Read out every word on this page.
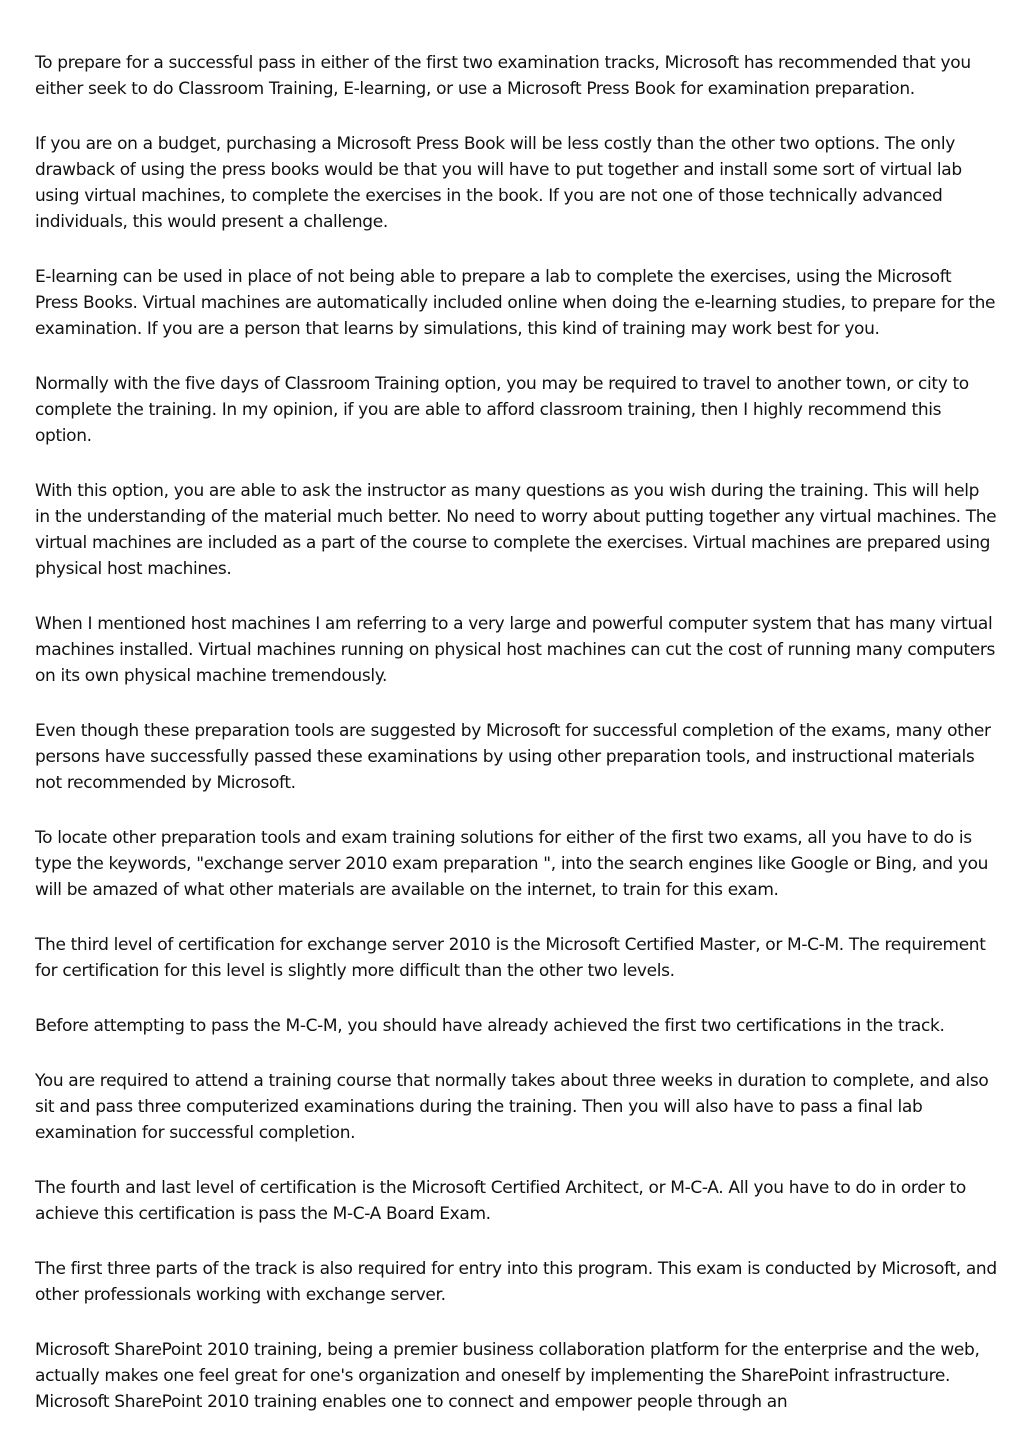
To prepare for a successful pass in either of the first two examination tracks, Microsoft has recommended that you either seek to do Classroom Training, E-learning, or use a Microsoft Press Book for examination preparation.

If you are on a budget, purchasing a Microsoft Press Book will be less costly than the other two options. The only drawback of using the press books would be that you will have to put together and install some sort of virtual lab using virtual machines, to complete the exercises in the book. If you are not one of those technically advanced individuals, this would present a challenge.

E-learning can be used in place of not being able to prepare a lab to complete the exercises, using the Microsoft Press Books. Virtual machines are automatically included online when doing the e-learning studies, to prepare for the examination. If you are a person that learns by simulations, this kind of training may work best for you.

Normally with the five days of Classroom Training option, you may be required to travel to another town, or city to complete the training. In my opinion, if you are able to afford classroom training, then I highly recommend this option.

With this option, you are able to ask the instructor as many questions as you wish during the training. This will help in the understanding of the material much better. No need to worry about putting together any virtual machines. The virtual machines are included as a part of the course to complete the exercises. Virtual machines are prepared using physical host machines.

When I mentioned host machines I am referring to a very large and powerful computer system that has many virtual machines installed. Virtual machines running on physical host machines can cut the cost of running many computers on its own physical machine tremendously.

Even though these preparation tools are suggested by Microsoft for successful completion of the exams, many other persons have successfully passed these examinations by using other preparation tools, and instructional materials not recommended by Microsoft.

To locate other preparation tools and exam training solutions for either of the first two exams, all you have to do is type the keywords, "exchange server 2010 exam preparation ", into the search engines like Google or Bing, and you will be amazed of what other materials are available on the internet, to train for this exam.

The third level of certification for exchange server 2010 is the Microsoft Certified Master, or M-C-M. The requirement for certification for this level is slightly more difficult than the other two levels.

Before attempting to pass the M-C-M, you should have already achieved the first two certifications in the track.

You are required to attend a training course that normally takes about three weeks in duration to complete, and also sit and pass three computerized examinations during the training. Then you will also have to pass a final lab examination for successful completion.

The fourth and last level of certification is the Microsoft Certified Architect, or M-C-A. All you have to do in order to achieve this certification is pass the M-C-A Board Exam.

The first three parts of the track is also required for entry into this program. This exam is conducted by Microsoft, and other professionals working with exchange server.

Microsoft SharePoint 2010 training, being a premier business collaboration platform for the enterprise and the web, actually makes one feel great for one's organization and oneself by implementing the SharePoint infrastructure. Microsoft SharePoint 2010 training enables one to connect and empower people through an
